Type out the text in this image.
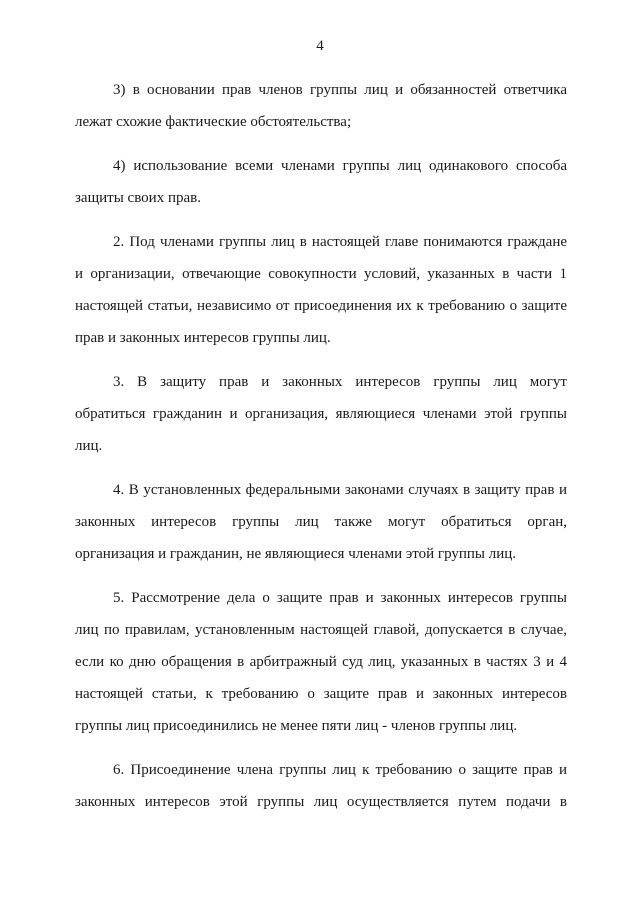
4
3) в основании прав членов группы лиц и обязанностей ответчика
лежат схожие фактические обстоятельства;
4) использование всеми членами группы лиц одинакового способа
защиты своих прав.
2. Под членами группы лиц в настоящей главе понимаются граждане
и организации, отвечающие совокупности условий, указанных в части 1
настоящей статьи, независимо от присоединения их к требованию о защите
прав и законных интересов группы лиц.
3. В защиту прав и законных интересов группы лиц могут
обратиться гражданин и организация, являющиеся членами этой группы
лиц.
4. В установленных федеральными законами случаях в защиту прав и
законных интересов группы лиц также могут обратиться орган,
организация и гражданин, не являющиеся членами этой группы лиц.
5. Рассмотрение дела о защите прав и законных интересов группы
лиц по правилам, установленным настоящей главой, допускается в случае,
если ко дню обращения в арбитражный суд лиц, указанных в частях 3 и 4
настоящей статьи, к требованию о защите прав и законных интересов
группы лиц присоединились не менее пяти лиц - членов группы лиц.
6. Присоединение члена группы лиц к требованию о защите прав и
законных интересов этой группы лиц осуществляется путем подачи в
